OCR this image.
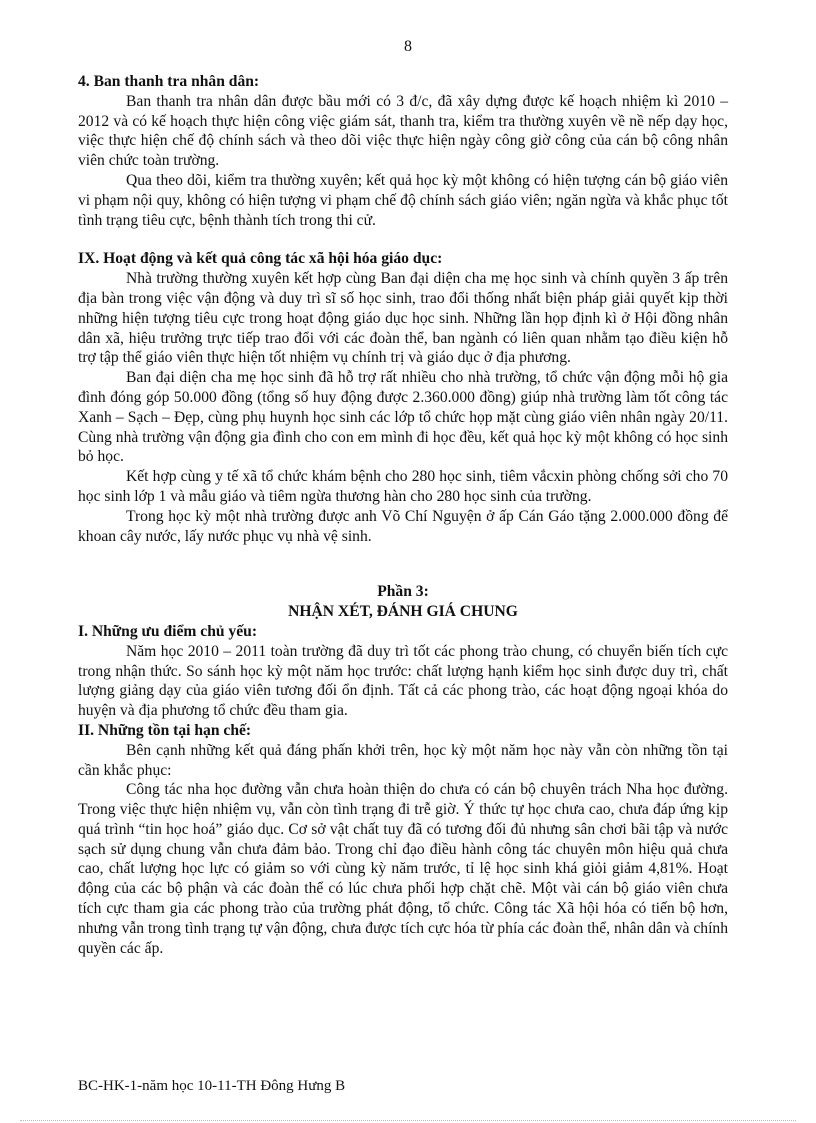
8
4. Ban thanh tra nhân dân:

Ban thanh tra nhân dân được bầu mới có 3 đ/c, đã xây dựng được kế hoạch nhiệm kì 2010 – 2012 và có kế hoạch thực hiện công việc giám sát, thanh tra, kiểm tra thường xuyên về nề nếp dạy học, việc thực hiện chế độ chính sách và theo dõi việc thực hiện ngày công giờ công của cán bộ công nhân viên chức toàn trường.

Qua theo dõi, kiểm tra thường xuyên; kết quả học kỳ một không có hiện tượng cán bộ giáo viên vi phạm nội quy, không có hiện tượng vi phạm chế độ chính sách giáo viên; ngăn ngừa và khắc phục tốt tình trạng tiêu cực, bệnh thành tích trong thi cử.

IX. Hoạt động và kết quả công tác xã hội hóa giáo dục:

Nhà trường thường xuyên kết hợp cùng Ban đại diện cha mẹ học sinh và chính quyền 3 ấp trên địa bàn trong việc vận động và duy trì sĩ số học sinh, trao đổi thống nhất biện pháp giải quyết kịp thời những hiện tượng tiêu cực trong hoạt động giáo dục học sinh. Những lần họp định kì ở Hội đồng nhân dân xã, hiệu trưởng trực tiếp trao đổi với các đoàn thể, ban ngành có liên quan nhằm tạo điều kiện hỗ trợ tập thể giáo viên thực hiện tốt nhiệm vụ chính trị và giáo dục ở địa phương.

Ban đại diện cha mẹ học sinh đã hỗ trợ rất nhiều cho nhà trường, tổ chức vận động mỗi hộ gia đình đóng góp 50.000 đồng (tổng số huy động được 2.360.000 đồng) giúp nhà trường làm tốt công tác Xanh – Sạch – Đẹp, cùng phụ huynh học sinh các lớp tổ chức họp mặt cùng giáo viên nhân ngày 20/11. Cùng nhà trường vận động gia đình cho con em mình đi học đều, kết quả học kỳ một không có học sinh bỏ học.

Kết hợp cùng y tế xã tổ chức khám bệnh cho 280 học sinh, tiêm vắcxin phòng chống sởi cho 70 học sinh lớp 1 và mẫu giáo và tiêm ngừa thương hàn cho 280 học sinh của trường.

Trong học kỳ một nhà trường được anh Võ Chí Nguyện ở ấp Cán Gáo tặng 2.000.000 đồng để khoan cây nước, lấy nước phục vụ nhà vệ sinh.

Phần 3:
NHẬN XÉT, ĐÁNH GIÁ CHUNG
I. Những ưu điểm chủ yếu:

Năm học 2010 – 2011 toàn trường đã duy trì tốt các phong trào chung, có chuyển biến tích cực trong nhận thức. So sánh học kỳ một năm học trước: chất lượng hạnh kiểm học sinh được duy trì, chất lượng giảng dạy của giáo viên tương đối ổn định. Tất cả các phong trào, các hoạt động ngoại khóa do huyện và địa phương tổ chức đều tham gia.

II. Những tồn tại hạn chế:

Bên cạnh những kết quả đáng phấn khởi trên, học kỳ một năm học này vẫn còn những tồn tại cần khắc phục:

Công tác nha học đường vẫn chưa hoàn thiện do chưa có cán bộ chuyên trách Nha học đường. Trong việc thực hiện nhiệm vụ, vẫn còn tình trạng đi trễ giờ. Ý thức tự học chưa cao, chưa đáp ứng kịp quá trình “tin học hoá” giáo dục. Cơ sở vật chất tuy đã có tương đối đủ nhưng sân chơi bãi tập và nước sạch sử dụng chung vẫn chưa đảm bảo. Trong chỉ đạo điều hành công tác chuyên môn hiệu quả chưa cao, chất lượng học lực có giảm so với cùng kỳ năm trước, tỉ lệ học sinh khá giỏi giảm 4,81%. Hoạt động của các bộ phận và các đoàn thể có lúc chưa phối hợp chặt chẽ. Một vài cán bộ giáo viên chưa tích cực tham gia các phong trào của trường phát động, tổ chức. Công tác Xã hội hóa có tiến bộ hơn, nhưng vẫn trong tình trạng tự vận động, chưa được tích cực hóa từ phía các đoàn thể, nhân dân và chính quyền các ấp.

BC-HK-1-năm học 10-11-TH Đông Hưng B
